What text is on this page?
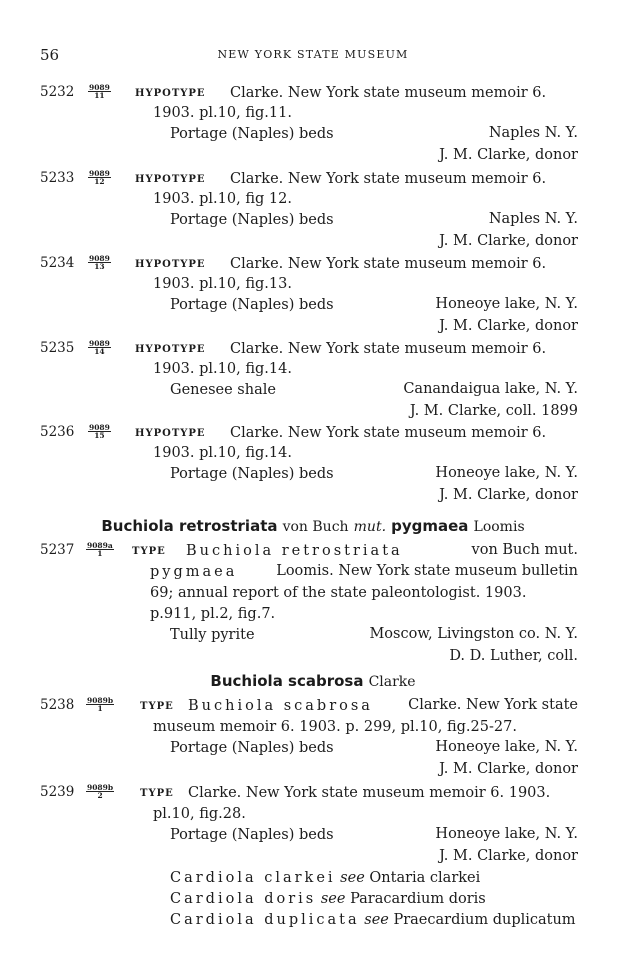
56	NEW YORK STATE MUSEUM
$5232 \frac{9089}{11}$ HYPOTYPE Clarke. New York state museum memoir 6.
1903. pl.10, fig.11.
Portage (Naples) beds	Naples N. Y.
J. M. Clarke, donor
$5233 \frac{9089}{12}$ HYPOTYPE Clarke. New York state museum memoir 6.
1903. pl.10, fig 12.
Portage (Naples) beds	Naples N. Y.
J. M. Clarke, donor
$5234 \frac{9089}{13}$ HYPOTYPE Clarke. New York state museum memoir 6.
1903. pl.10, fig.13.
Portage (Naples) beds	Honeoye lake, N. Y.
J. M. Clarke, donor
$5235 \frac{9089}{14}$ HYPOTYPE Clarke. New York state museum memoir 6.
1903. pl.10, fig.14.
Genesee shale	Canandaigua lake, N. Y.
J. M. Clarke, coll. 1899
$5236 \frac{9089}{15}$ HYPOTYPE Clarke. New York state museum memoir 6.
1903. pl.10, fig.14.
Portage (Naples) beds	Honeoye lake, N. Y.
J. M. Clarke, donor
Buchiola retrostriata von Buch mut. pygmaea Loomis
$5237 \frac{9089a}{1}$ TYPE Buchiola retrostriata	von Buch mut.
pygmaea	Loomis. New York state museum bulletin
69; annual report of the state paleontologist. 1903.
p.911, pl.2, fig.7.
Tully pyrite	Moscow, Livingston co. N. Y.
D. D. Luther, coll.
Buchiola scabrosa Clarke
$5238 \frac{9089b}{1}$	TYPE Buchiola scabrosa Clarke. New York state
museum memoir 6. 1903. p. 299, pl.10, fig.25-27.
Portage (Naples) beds	Honeoye lake, N. Y.
J. M. Clarke, donor
$5239 \frac{9089b}{2}$	TYPE Clarke. New York state museum memoir 6. 1903.
pl.10, fig.28.
Portage (Naples) beds	Honeoye lake, N. Y.
J. M. Clarke, donor
Cardiola clarkei see Ontaria clarkei
Cardiola doris see Paracardium doris
Cardiola duplicata see Praecardium duplicatum
